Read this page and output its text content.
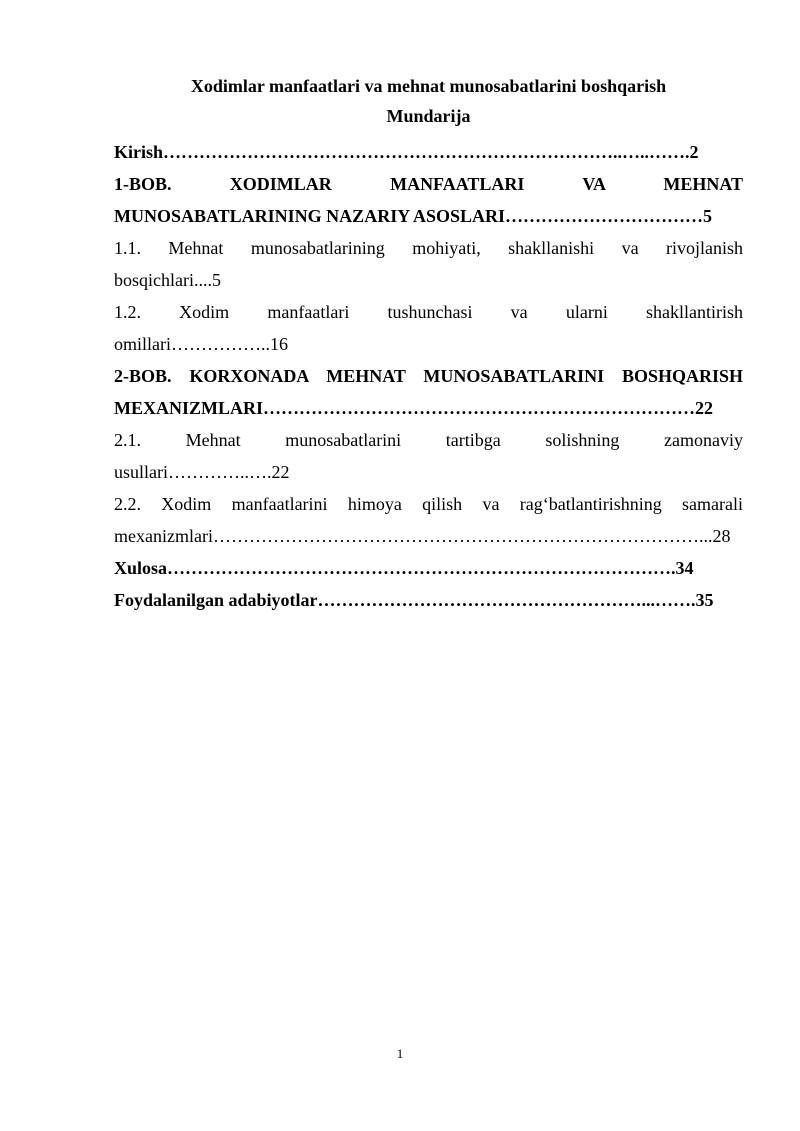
Xodimlar manfaatlari va mehnat munosabatlarini boshqarish
Mundarija
Kirish…………………………………………………………………..…..…….2
1-BOB. XODIMLAR MANFAATLARI VA MEHNAT
MUNOSABATLARINING NAZARIY ASOSLARI……………………………5
1.1. Mehnat munosabatlarining mohiyati, shakllanishi va rivojlanish
bosqichlari....5
1.2. Xodim manfaatlari tushunchasi va ularni shakllantirish
omillari……………..16
2-BOB. KORXONADA MEHNAT MUNOSABATLARINI BOSHQARISH
MEXANIZMLARI………………………………………………………………22
2.1. Mehnat munosabatlarini tartibga solishning zamonaviy
usullari…………..….22
2.2. Xodim manfaatlarini himoya qilish va rag‘batlantirishning samarali
mexanizmlari………………………………………………………………………...28
Xulosa………………………………………………………………………….34
Foydalanilgan adabiyotlar………………………………………………...…….35
1
